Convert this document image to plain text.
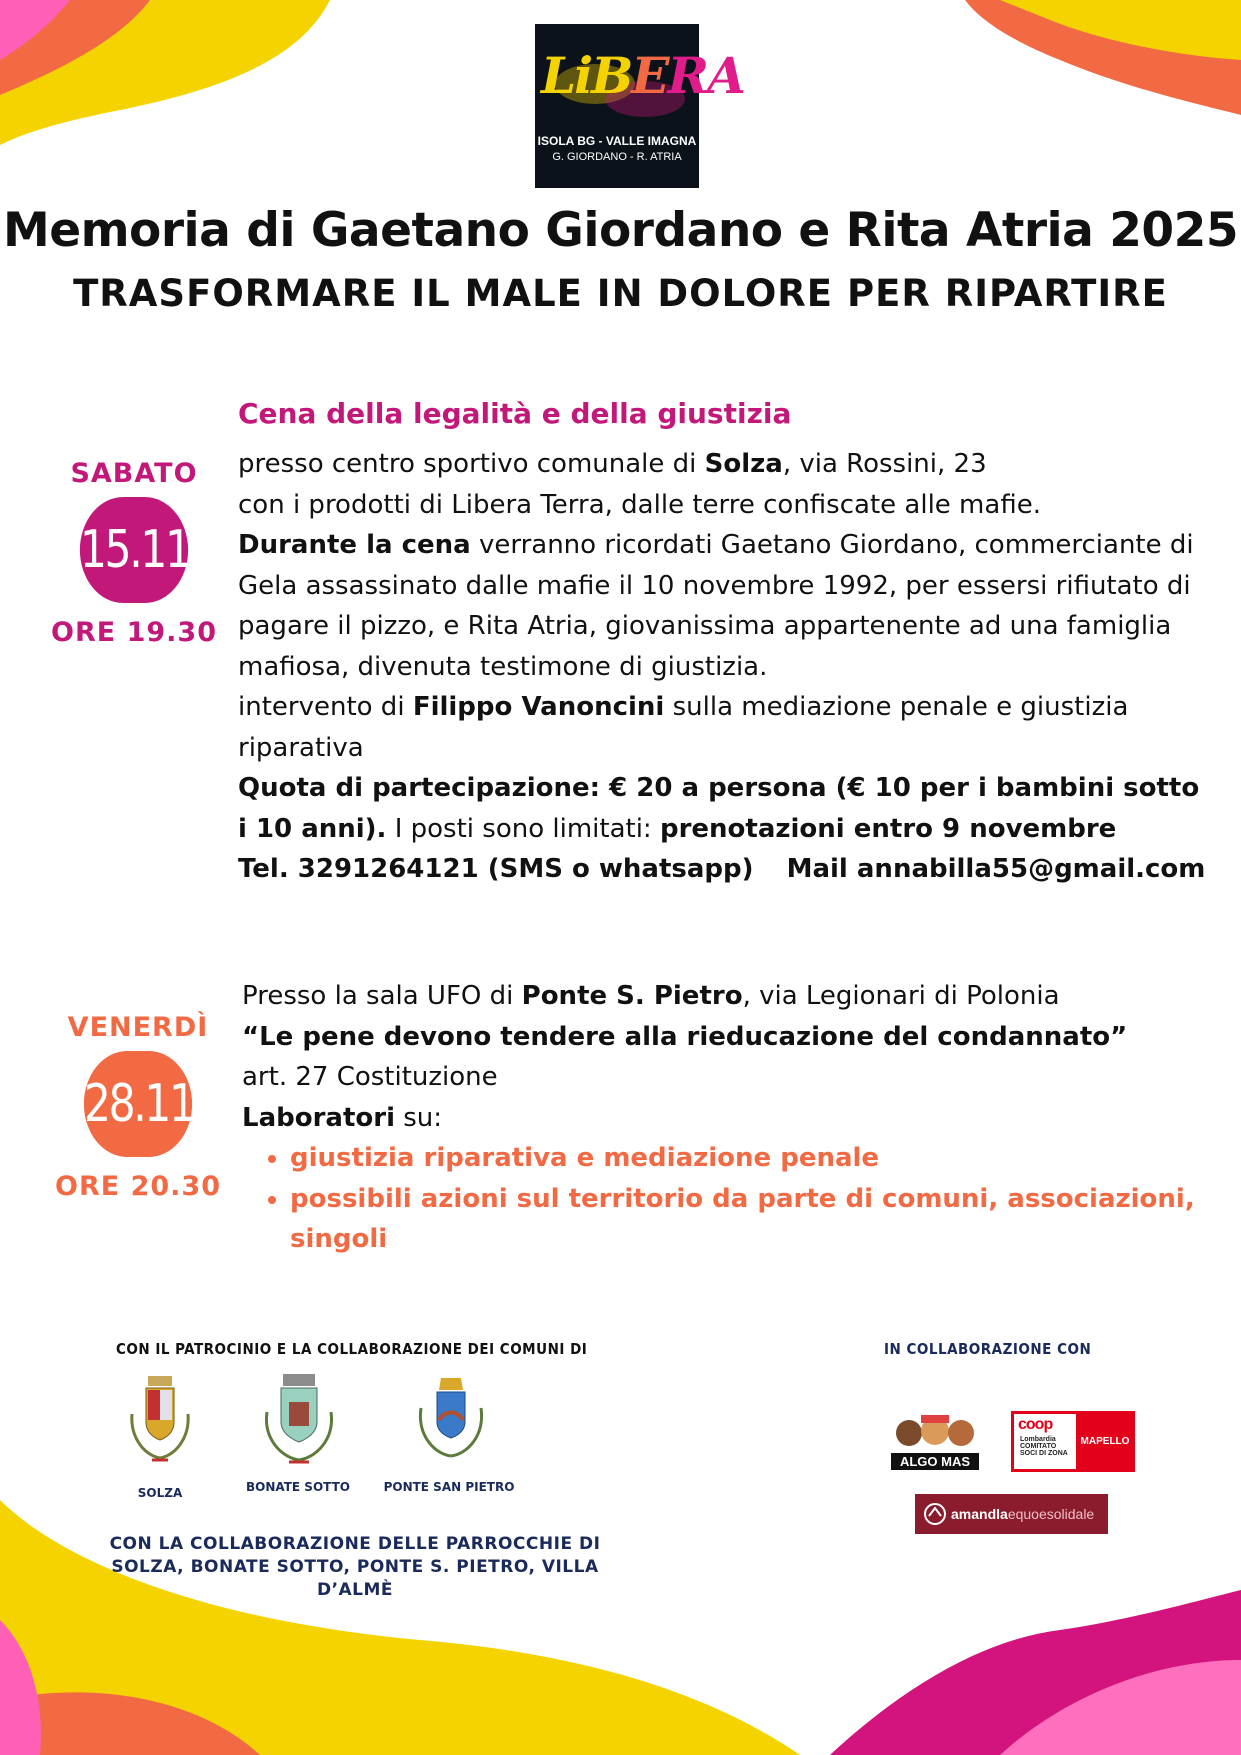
LiBERA
ISOLA BG - VALLE IMAGNA
G. GIORDANO - R. ATRIA
Memoria di Gaetano Giordano e Rita Atria 2025
TRASFORMARE IL MALE IN DOLORE PER RIPARTIRE
SABATO
15.11
ORE 19.30
Cena della legalità e della giustizia

presso centro sportivo comunale di Solza, via Rossini, 23

con i prodotti di Libera Terra, dalle terre confiscate alle mafie.

Durante la cena verranno ricordati Gaetano Giordano, commerciante di Gela assassinato dalle mafie il 10 novembre 1992, per essersi rifiutato di pagare il pizzo, e Rita Atria, giovanissima appartenente ad una famiglia mafiosa, divenuta testimone di giustizia.

intervento di Filippo Vanoncini sulla mediazione penale e giustizia riparativa

Quota di partecipazione: € 20 a persona (€ 10 per i bambini sotto i 10 anni). I posti sono limitati: prenotazioni entro 9 novembre

Tel. 3291264121 (SMS o whatsapp) Mail annabilla55@gmail.com

VENERDÌ
28.11
ORE 20.30

Presso la sala UFO di Ponte S. Pietro, via Legionari di Polonia

“Le pene devono tendere alla rieducazione del condannato”

art. 27 Costituzione

Laboratori su:

• giustizia riparativa e mediazione penale
• possibili azioni sul territorio da parte di comuni, associazioni, singoli
CON IL PATROCINIO E LA COLLABORAZIONE DEI COMUNI DI
SOLZA	BONATE SOTTO	PONTE SAN PIETRO
CON LA COLLABORAZIONE DELLE PARROCCHIE DI
SOLZA, BONATE SOTTO, PONTE S. PIETRO, VILLA D’ALMÈ
IN COLLABORAZIONE CON
ALGO MAS
coop
Lombardia COMITATO SOCI DI ZONA
MAPELLO
amandlaequoesolidale
